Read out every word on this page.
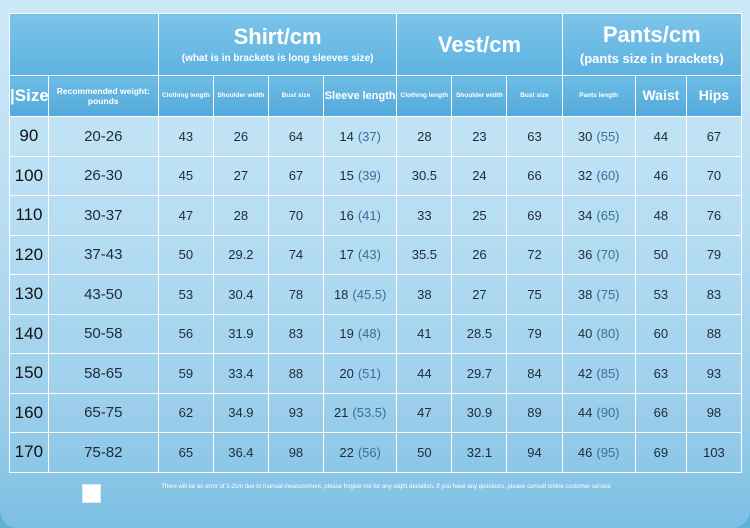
		Shirt/cm
(what is in brackets is long sleeves size)				Vest/cm			Pants/cm
(pants size in brackets)		

|Size	Recommended weight: pounds	Clothing length	Shoulder width	Bust size	Sleeve length	Clothing length	Shoulder width	Bust size	Pants length	Waist	Hips
90	20-26	43	26	64	14 (37)	28	23	63	30 (55)	44	67
100	26-30	45	27	67	15 (39)	30.5	24	66	32 (60)	46	70
110	30-37	47	28	70	16 (41)	33	25	69	34 (65)	48	76
120	37-43	50	29.2	74	17 (43)	35.5	26	72	36 (70)	50	79
130	43-50	53	30.4	78	18 (45.5)	38	27	75	38 (75)	53	83
140	50-58	56	31.9	83	19 (48)	41	28.5	79	40 (80)	60	88
150	58-65	59	33.4	88	20 (51)	44	29.7	84	42 (85)	63	93
160	65-75	62	34.9	93	21 (53.5)	47	30.9	89	44 (90)	66	98
170	75-82	65	36.4	98	22 (56)	50	32.1	94	46 (95)	69	103
There will be an error of 1-2cm due to manual measurement. please forgive me for any slight deviation. If you have any questions, please consult online customer service
